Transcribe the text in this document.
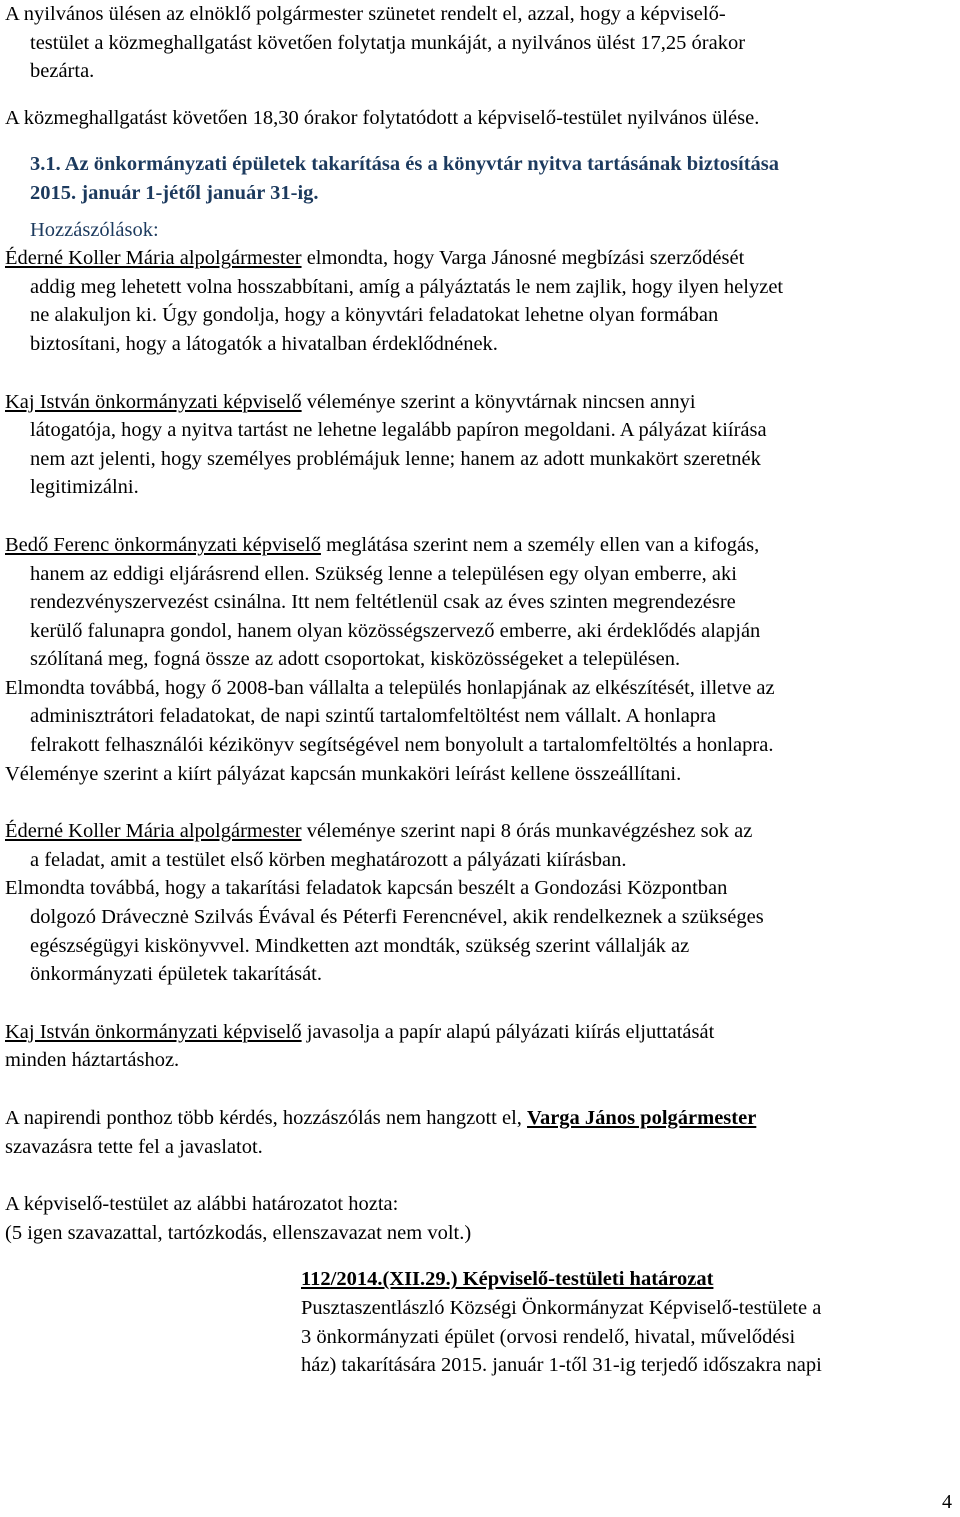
A nyilvános ülésen az elnöklő polgármester szünetet rendelt el, azzal, hogy a képviselő-
testület a közmeghallgatást követően folytatja munkáját, a nyilvános ülést 17,25 órakor
bezárta.

A közmeghallgatást követően 18,30 órakor folytatódott a képviselő-testület nyilvános ülése.

3.1. Az önkormányzati épületek takarítása és a könyvtár nyitva tartásának biztosítása
2015. január 1-jétől január 31-ig.

Hozzászólások:

Éderné Koller Mária alpolgármester elmondta, hogy Varga Jánosné megbízási szerződését
addig meg lehetett volna hosszabbítani, amíg a pályáztatás le nem zajlik, hogy ilyen helyzet
ne alakuljon ki. Úgy gondolja, hogy a könyvtári feladatokat lehetne olyan formában
biztosítani, hogy a látogatók a hivatalban érdeklődnének.

Kaj István önkormányzati képviselő véleménye szerint a könyvtárnak nincsen annyi
látogatója, hogy a nyitva tartást ne lehetne legalább papíron megoldani. A pályázat kiírása
nem azt jelenti, hogy személyes problémájuk lenne; hanem az adott munkakört szeretnék
legitimizálni.

Bedő Ferenc önkormányzati képviselő meglátása szerint nem a személy ellen van a kifogás,
hanem az eddigi eljárásrend ellen. Szükség lenne a településen egy olyan emberre, aki
rendezvényszervezést csinálna. Itt nem feltétlenül csak az éves szinten megrendezésre
kerülő falunapra gondol, hanem olyan közösségszervező emberre, aki érdeklődés alapján
szólítaná meg, fogná össze az adott csoportokat, kisközösségeket a településen.
Elmondta továbbá, hogy ő 2008-ban vállalta a település honlapjának az elkészítését, illetve az
adminisztrátori feladatokat, de napi szintű tartalomfeltöltést nem vállalt. A honlapra
felrakott felhasználói kézikönyv segítségével nem bonyolult a tartalomfeltöltés a honlapra.
Véleménye szerint a kiírt pályázat kapcsán munkaköri leírást kellene összeállítani.

Éderné Koller Mária alpolgármester véleménye szerint napi 8 órás munkavégzéshez sok az
a feladat, amit a testület első körben meghatározott a pályázati kiírásban.
Elmondta továbbá, hogy a takarítási feladatok kapcsán beszélt a Gondozási Központban
dolgozó Drávecznė Szilvás Évával és Péterfi Ferencnével, akik rendelkeznek a szükséges
egészségügyi kiskönyvvel. Mindketten azt mondták, szükség szerint vállalják az
önkormányzati épületek takarítását.

Kaj István önkormányzati képviselő javasolja a papír alapú pályázati kiírás eljuttatását
minden háztartáshoz.

A napirendi ponthoz több kérdés, hozzászólás nem hangzott el, Varga János polgármester
szavazásra tette fel a javaslatot.

A képviselő-testület az alábbi határozatot hozta:
(5 igen szavazattal, tartózkodás, ellenszavazat nem volt.)

112/2014.(XII.29.) Képviselő-testületi határozat

Pusztaszentlászló Községi Önkormányzat Képviselő-testülete a
3 önkormányzati épület (orvosi rendelő, hivatal, művelődési
ház) takarítására 2015. január 1-től 31-ig terjedő időszakra napi

4
